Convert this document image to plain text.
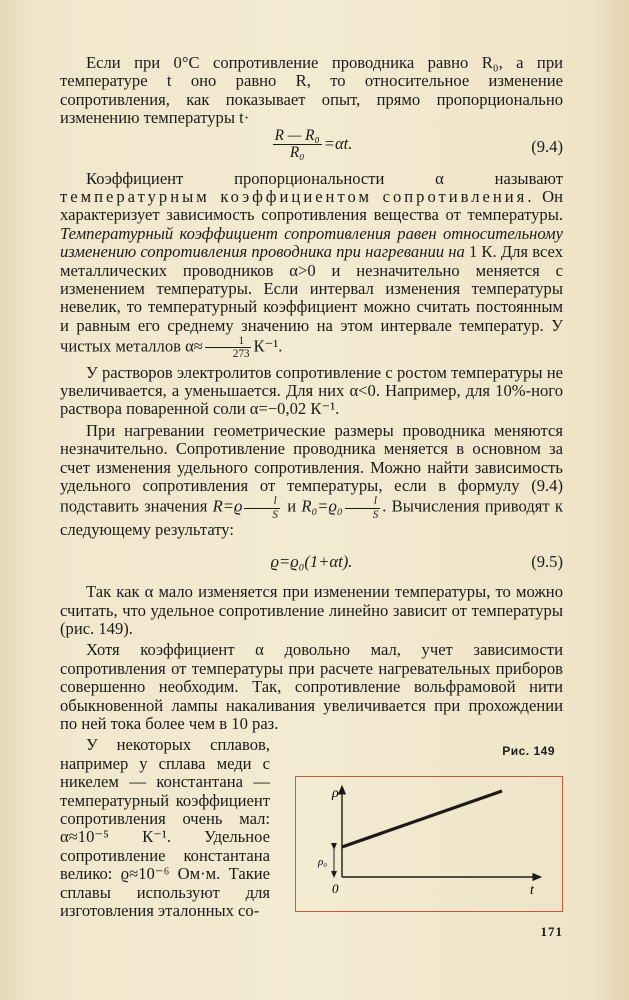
Если при 0°С сопротивление проводника равно R₀, а при температуре t оно равно R, то относительное изменение сопротивления, как показывает опыт, прямо пропорционально изменению температуры t·

$\frac{\text{R — R₀}}{\text{R₀}} =\alpha t$.	(9.4)

Коэффициент пропорциональности α называют температурным коэффициентом сопротивления. Он характеризует зависимость сопротивления вещества от температуры. Температурный коэффициент сопротивления равен относительному изменению сопротивления проводника при нагревании на 1 К. Для всех металлических проводников α>0 и незначительно меняется с изменением температуры. Если интервал изменения температуры невелик, то температурный коэффициент можно считать постоянным и равным его среднему значению на этом интервале температур. У чистых металлов $\alpha\approx \frac{1}{273} К^{-1}$.

У растворов электролитов сопротивление с ростом температуры не увеличивается, а уменьшается. Для них α<0. Например, для 10%-ного раствора поваренной соли α=−0,02 К⁻¹.

При нагревании геометрические размеры проводника меняются незначительно. Сопротивление проводника меняется в основном за счет изменения удельного сопротивления. Можно найти зависимость удельного сопротивления от температуры, если в формулу (9.4) подставить значения $R=ϱ \frac{l}{S}$ и $R_0=ϱ_0 \frac{l}{S}$ . Вычисления приводят к следующему результату:

ϱ=ϱ₀(1+αt).	(9.5)

Так как α мало изменяется при изменении температуры, то можно считать, что удельное сопротивление линейно зависит от температуры (рис. 149).

Хотя коэффициент α довольно мал, учет зависимости сопротивления от температуры при расчете нагревательных приборов совершенно необходим. Так, сопротивление вольфрамовой нити обыкновенной лампы накаливания увеличивается при прохождении по ней тока более чем в 10 раз.

У некоторых сплавов, например у сплава меди с никелем — константана — температурный коэффициент сопротивления очень мал: α≈10⁻⁵ К⁻¹. Удельное сопротивление константана велико: ϱ≈10⁻⁶ Ом·м. Такие сплавы используют для изготовления эталонных со-

Рис. 149
ρ
t
0
ρ₀
171
